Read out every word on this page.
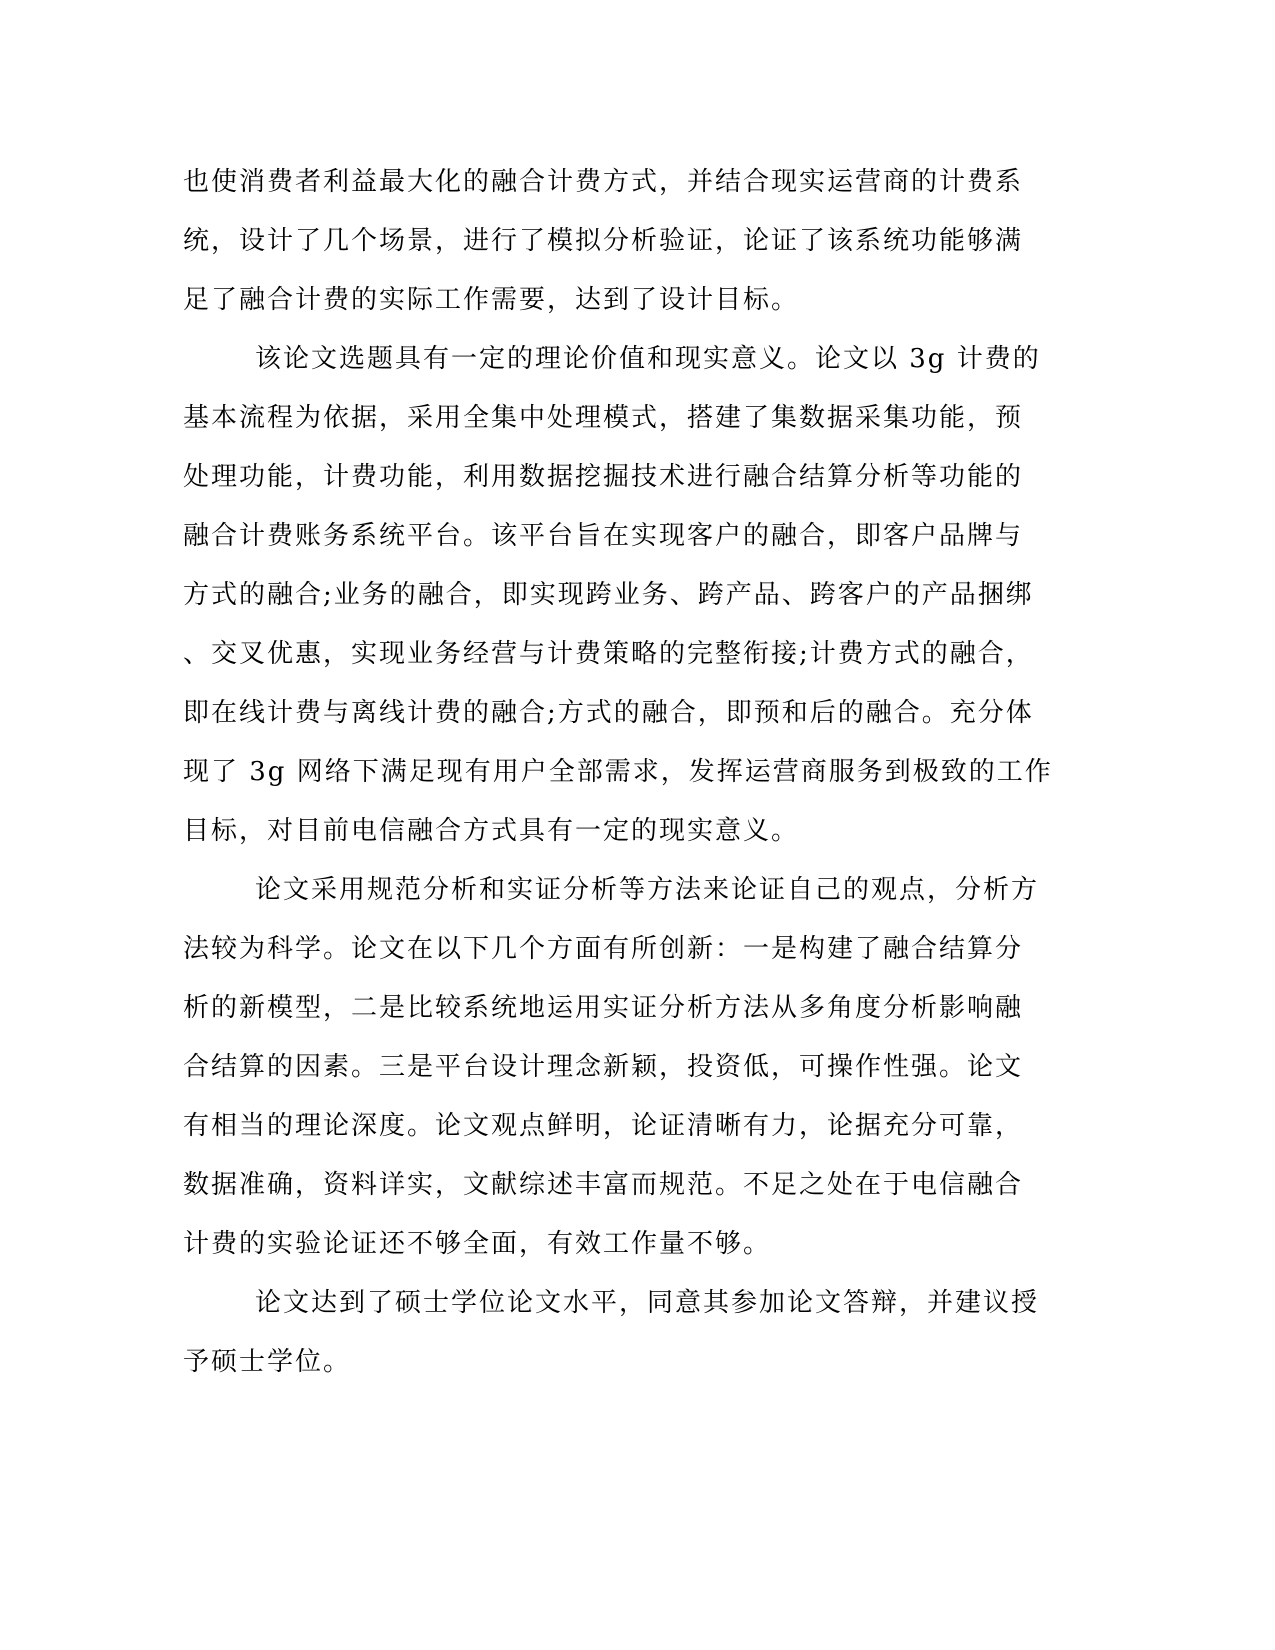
也使消费者利益最大化的融合计费方式，并结合现实运营商的计费系
统，设计了几个场景，进行了模拟分析验证，论证了该系统功能够满
足了融合计费的实际工作需要，达到了设计目标。
该论文选题具有一定的理论价值和现实意义。论文以 3g 计费的
基本流程为依据，采用全集中处理模式，搭建了集数据采集功能，预
处理功能，计费功能，利用数据挖掘技术进行融合结算分析等功能的
融合计费账务系统平台。该平台旨在实现客户的融合，即客户品牌与
方式的融合;业务的融合，即实现跨业务、跨产品、跨客户的产品捆绑
、交叉优惠，实现业务经营与计费策略的完整衔接;计费方式的融合，
即在线计费与离线计费的融合;方式的融合，即预和后的融合。充分体
现了 3g 网络下满足现有用户全部需求，发挥运营商服务到极致的工作
目标，对目前电信融合方式具有一定的现实意义。
论文采用规范分析和实证分析等方法来论证自己的观点，分析方
法较为科学。论文在以下几个方面有所创新：一是构建了融合结算分
析的新模型，二是比较系统地运用实证分析方法从多角度分析影响融
合结算的因素。三是平台设计理念新颖，投资低，可操作性强。论文
有相当的理论深度。论文观点鲜明，论证清晰有力，论据充分可靠，
数据准确，资料详实，文献综述丰富而规范。不足之处在于电信融合
计费的实验论证还不够全面，有效工作量不够。
论文达到了硕士学位论文水平，同意其参加论文答辩，并建议授
予硕士学位。
